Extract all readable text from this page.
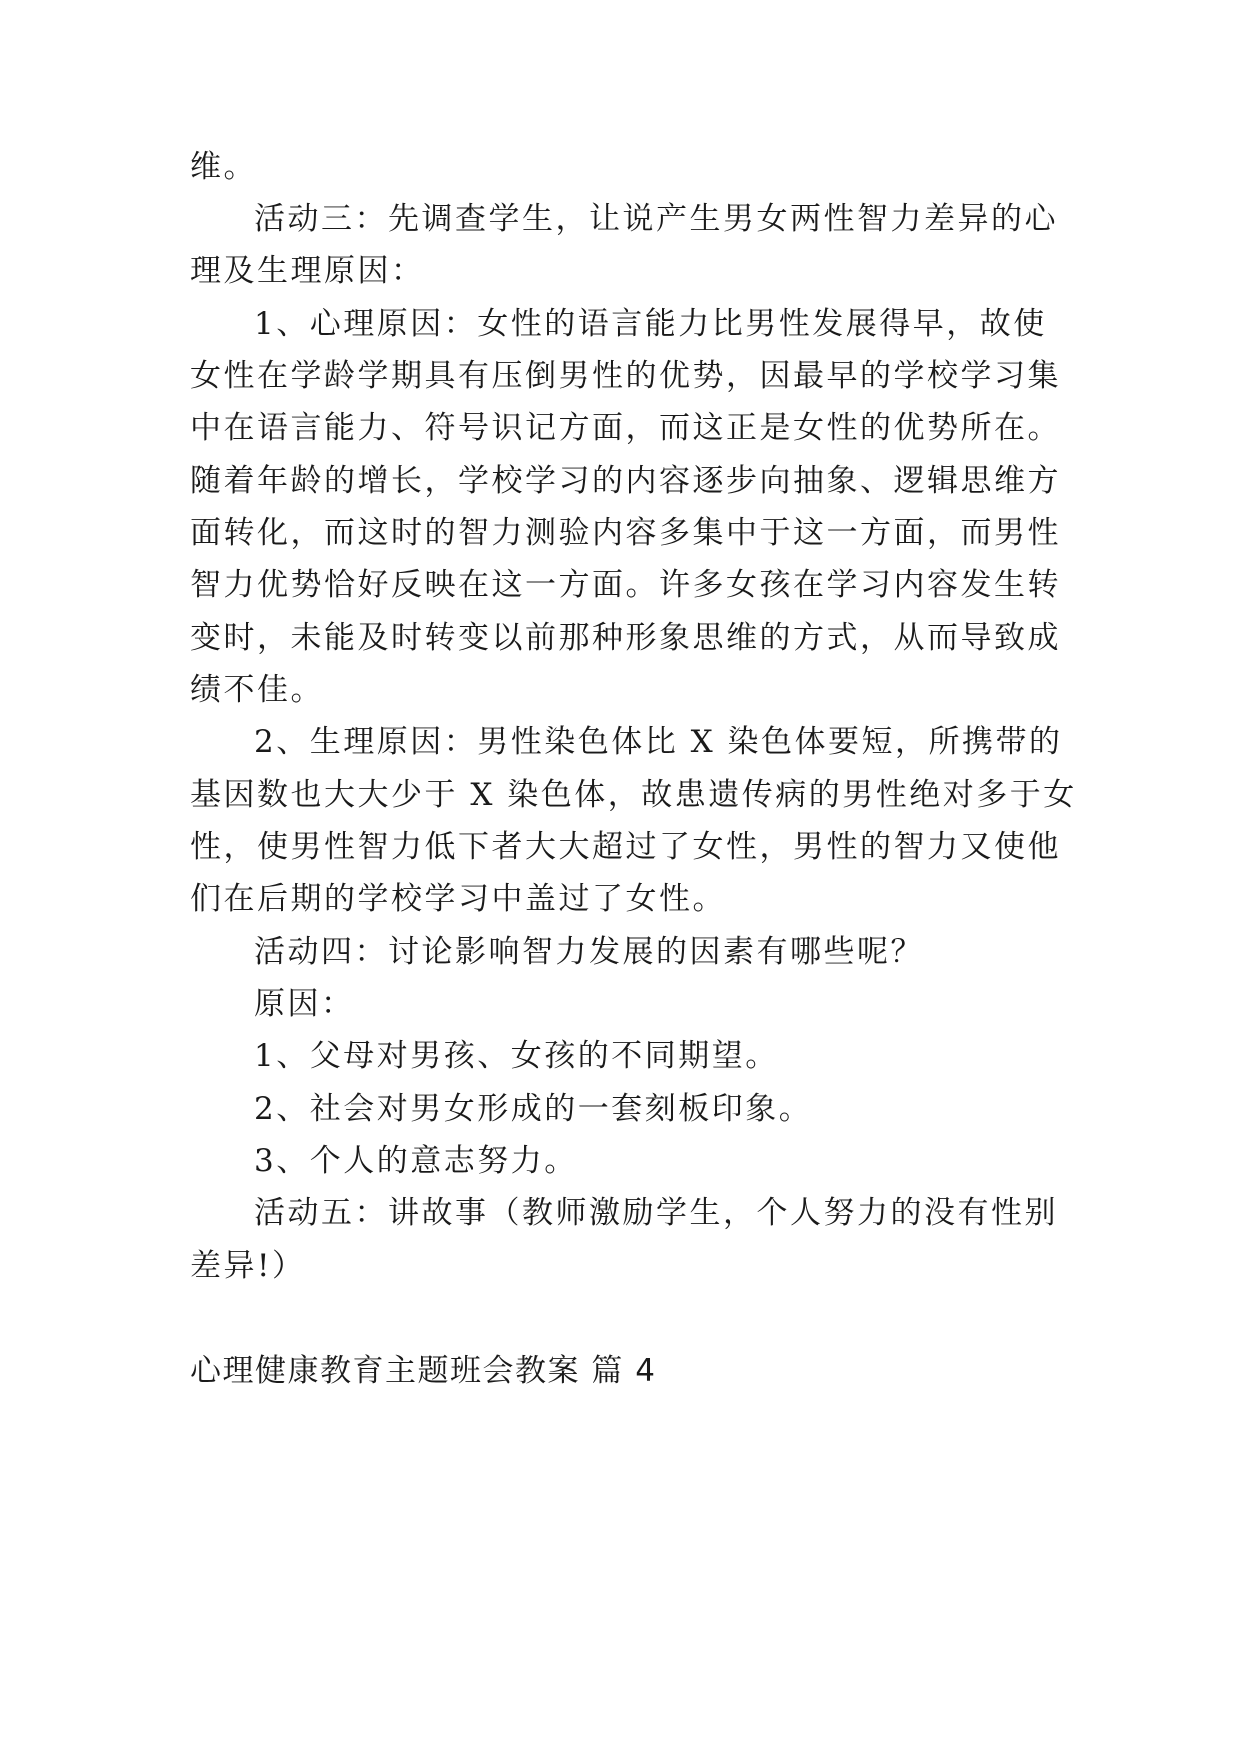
维。
活动三：先调查学生，让说产生男女两性智力差异的心
理及生理原因：
1、心理原因：女性的语言能力比男性发展得早，故使
女性在学龄学期具有压倒男性的优势，因最早的学校学习集
中在语言能力、符号识记方面，而这正是女性的优势所在。
随着年龄的增长，学校学习的内容逐步向抽象、逻辑思维方
面转化，而这时的智力测验内容多集中于这一方面，而男性
智力优势恰好反映在这一方面。许多女孩在学习内容发生转
变时，未能及时转变以前那种形象思维的方式，从而导致成
绩不佳。
2、生理原因：男性染色体比 X 染色体要短，所携带的
基因数也大大少于 X 染色体，故患遗传病的男性绝对多于女
性，使男性智力低下者大大超过了女性，男性的智力又使他
们在后期的学校学习中盖过了女性。
活动四：讨论影响智力发展的因素有哪些呢？
原因：
1、父母对男孩、女孩的不同期望。
2、社会对男女形成的一套刻板印象。
3、个人的意志努力。
活动五：讲故事（教师激励学生，个人努力的没有性别
差异!）
心理健康教育主题班会教案 篇 4
